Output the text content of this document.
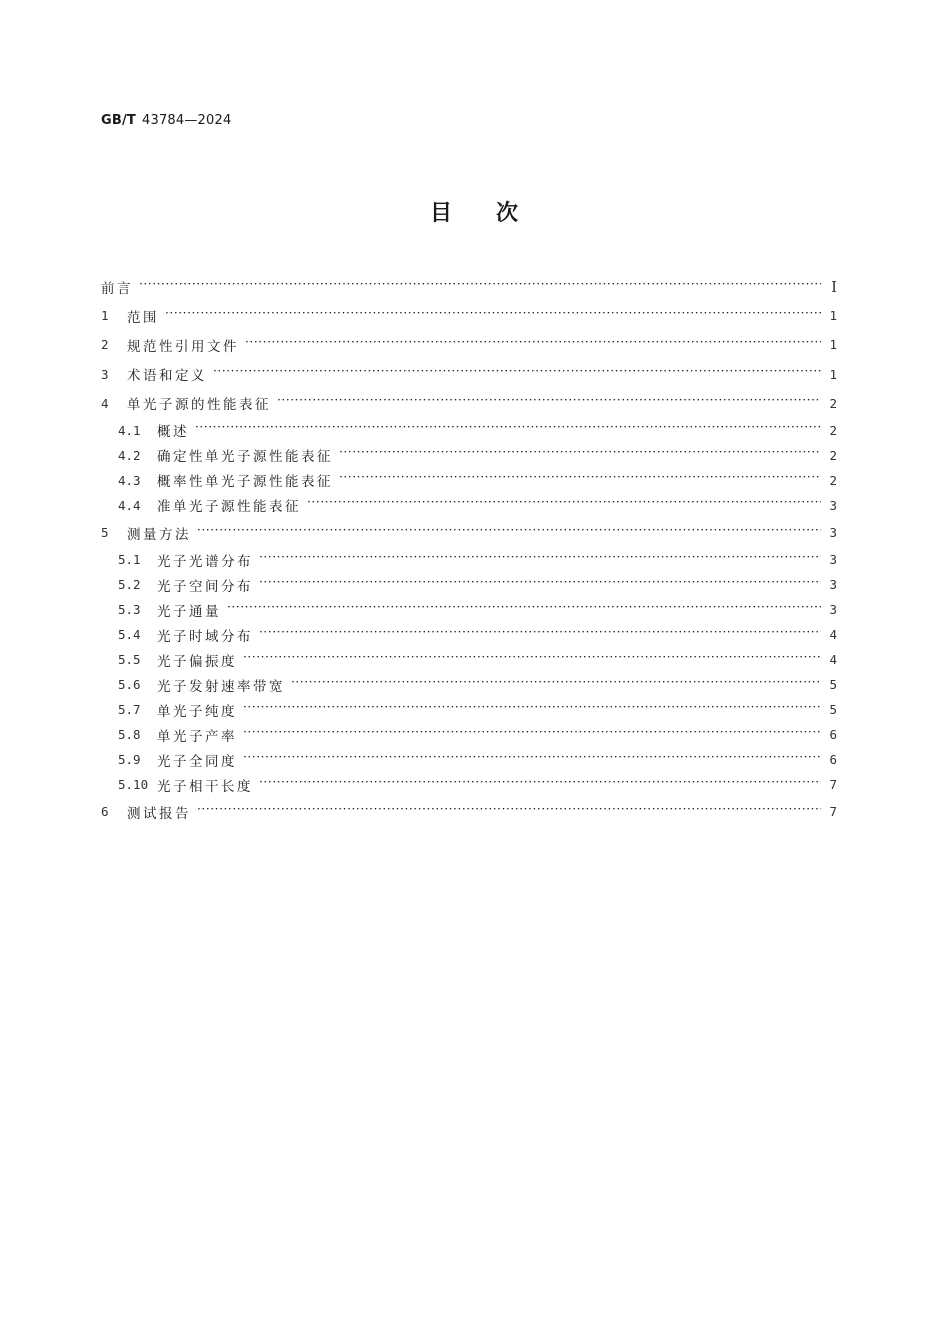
GB/T 43784—2024
目 次
前言 ·····	I
1	范围 ·····	1
2	规范性引用文件 ·····	1
3	术语和定义 ·····	1
4	单光子源的性能表征 ·····	2
4.1	概述 ·····	2
4.2	确定性单光子源性能表征 ·····	2
4.3	概率性单光子源性能表征 ·····	2
4.4	准单光子源性能表征 ·····	3
5	测量方法 ·····	3
5.1	光子光谱分布 ·····	3
5.2	光子空间分布 ·····	3
5.3	光子通量 ·····	3
5.4	光子时域分布 ·····	4
5.5	光子偏振度 ·····	4
5.6	光子发射速率带宽 ·····	5
5.7	单光子纯度 ·····	5
5.8	单光子产率 ·····	6
5.9	光子全同度 ·····	6
5.10 光子相干长度 ·····	7
6	测试报告 ·····	7
